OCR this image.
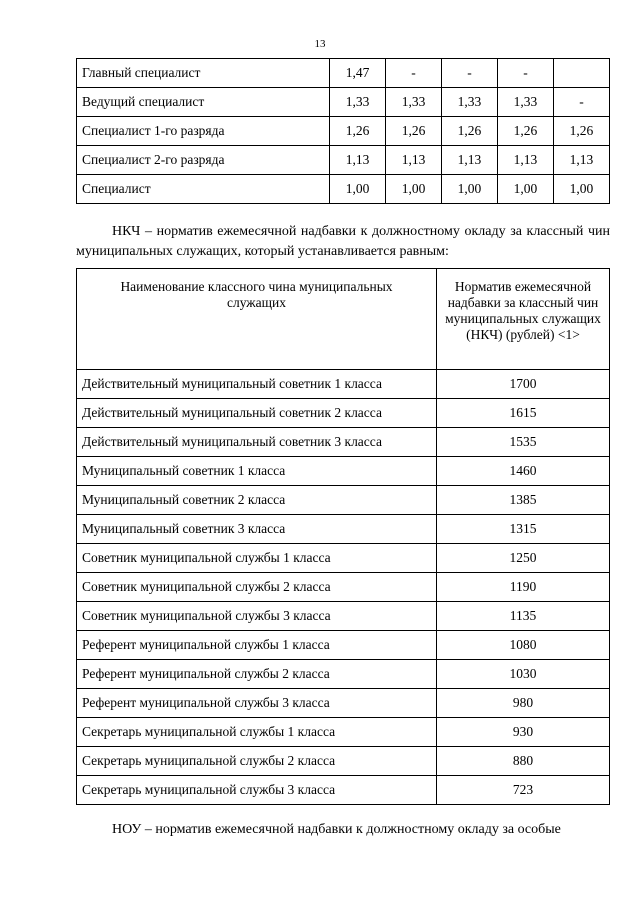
13
Главный специалист	1,47	-	-	-	
Ведущий специалист	1,33	1,33	1,33	1,33	-
Специалист 1-го разряда	1,26	1,26	1,26	1,26	1,26
Специалист 2-го разряда	1,13	1,13	1,13	1,13	1,13
Специалист	1,00	1,00	1,00	1,00	1,00
НКЧ – норматив ежемесячной надбавки к должностному окладу за классный чин муниципальных служащих, который устанавливается равным:
Наименование классного чина муниципальных служащих	Норматив ежемесячной надбавки за классный чин муниципальных служащих (НКЧ) (рублей) <1>
Действительный муниципальный советник 1 класса	1700
Действительный муниципальный советник 2 класса	1615
Действительный муниципальный советник 3 класса	1535
Муниципальный советник 1 класса	1460
Муниципальный советник 2 класса	1385
Муниципальный советник 3 класса	1315
Советник муниципальной службы 1 класса	1250
Советник муниципальной службы 2 класса	1190
Советник муниципальной службы 3 класса	1135
Референт муниципальной службы 1 класса	1080
Референт муниципальной службы 2 класса	1030
Референт муниципальной службы 3 класса	980
Секретарь муниципальной службы 1 класса	930
Секретарь муниципальной службы 2 класса	880
Секретарь муниципальной службы 3 класса	723
НОУ – норматив ежемесячной надбавки к должностному окладу за особые
